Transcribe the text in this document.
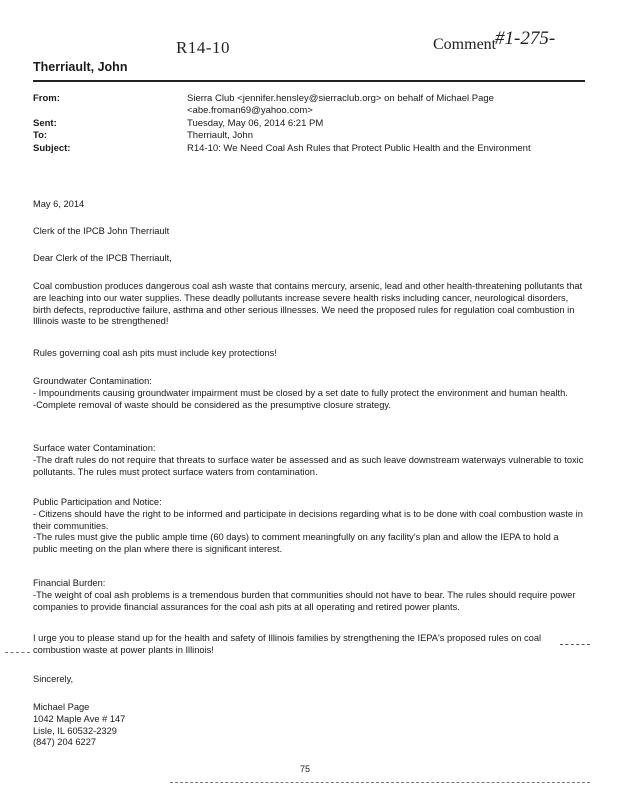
R14-10	Comment
#1-275-
Therriault, John
From:	Sierra Club <jennifer.hensley@sierraclub.org> on behalf of Michael Page
<abe.froman69@yahoo.com>
Sent:	Tuesday, May 06, 2014 6:21 PM
To:	Therriault, John
Subject:	R14-10: We Need Coal Ash Rules that Protect Public Health and the Environment
May 6, 2014
Clerk of the IPCB John Therriault
Dear Clerk of the IPCB Therriault,
Coal combustion produces dangerous coal ash waste that contains mercury, arsenic, lead and other health-threatening pollutants that are leaching into our water supplies. These deadly pollutants increase severe health risks including cancer, neurological disorders, birth defects, reproductive failure, asthma and other serious illnesses. We need the proposed rules for regulation coal combustion in Illinois waste to be strengthened!
Rules governing coal ash pits must include key protections!

Groundwater Contamination:

- Impoundments causing groundwater impairment must be closed by a set date to fully protect the environment and human health.

-Complete removal of waste should be considered as the presumptive closure strategy.

Surface water Contamination:

-The draft rules do not require that threats to surface water be assessed and as such leave downstream waterways vulnerable to toxic pollutants. The rules must protect surface waters from contamination.

Public Participation and Notice:

- Citizens should have the right to be informed and participate in decisions regarding what is to be done with coal combustion waste in their communities.

-The rules must give the public ample time (60 days) to comment meaningfully on any facility's plan and allow the IEPA to hold a public meeting on the plan where there is significant interest.

Financial Burden:

-The weight of coal ash problems is a tremendous burden that communities should not have to bear. The rules should require power companies to provide financial assurances for the coal ash pits at all operating and retired power plants.

I urge you to please stand up for the health and safety of Illinois families by strengthening the IEPA's proposed rules on coal combustion waste at power plants in Illinois!
Sincerely,

Michael Page

1042 Maple Ave # 147

Lisle, IL 60532-2329

(847) 204 6227

75
